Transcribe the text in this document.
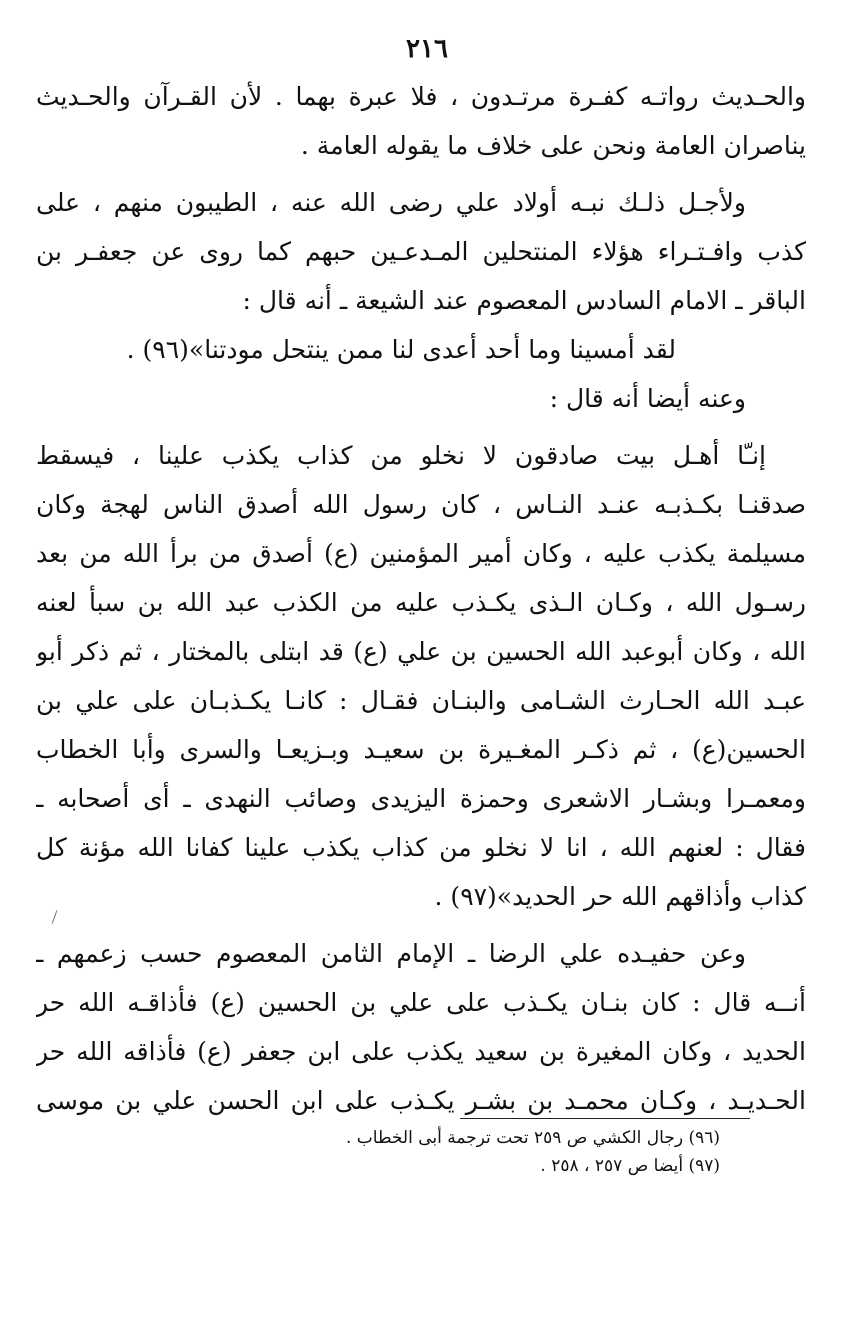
٢١٦
والحـديث رواتـه كفـرة مرتـدون ، فلا عبرة بهما . لأن القـرآن والحـديث
يناصران العامة ونحن على خلاف ما يقوله العامة .
ولأجـل ذلـك نبـه أولاد علي رضى الله عنه ، الطيبون منهم ، على
كذب وافـتـراء هؤلاء المنتحلين المـدعـين حبهم كما روى عن جعفـر بن
الباقر ـ الامام السادس المعصوم عند الشيعة ـ أنه قال :
لقد أمسينا وما أحد أعدى لنا ممن ينتحل مودتنا»(٩٦) .
وعنه أيضا أنه قال :
إنـّا أهـل بيت صادقون لا نخلو من كذاب يكذب علينا ، فيسقط
صدقنـا بكـذبـه عنـد النـاس ، كان رسول الله أصدق الناس لهجة وكان
مسيلمة يكذب عليه ، وكان أمير المؤمنين (ع) أصدق من برأ الله من بعد
رسـول الله ، وكـان الـذى يكـذب عليه من الكذب عبد الله بن سبأ لعنه
الله ، وكان أبوعبد الله الحسين بن علي (ع) قد ابتلى بالمختار ، ثم ذكر أبو
عبـد الله الحـارث الشـامى والبنـان فقـال : كانـا يكـذبـان على علي بن
الحسين(ع) ، ثم ذكـر المغـيرة بن سعيـد وبـزيعـا والسرى وأبا الخطاب
ومعمـرا وبشـار الاشعرى وحمزة اليزيدى وصائب النهدى ـ أى أصحابه ـ
فقال : لعنهم الله ، انا لا نخلو من كذاب يكذب علينا كفانا الله مؤنة كل
كذاب وأذاقهم الله حر الحديد»(٩٧) .
وعن حفيـده علي الرضا ـ الإمام الثامن المعصوم حسب زعمهم ـ
أنــه قال : كان بنـان يكـذب على علي بن الحسين (ع) فأذاقـه الله حر
الحديد ، وكان المغيرة بن سعيد يكذب على ابن جعفر (ع) فأذاقه الله حر
الحـديـد ، وكـان محمـد بن بشـر يكـذب على ابن الحسن علي بن موسى
(٩٦) رجال الكشي ص ٢٥٩ تحت ترجمة أبى الخطاب .
(٩٧) أيضا ص ٢٥٧ ، ٢٥٨ .
